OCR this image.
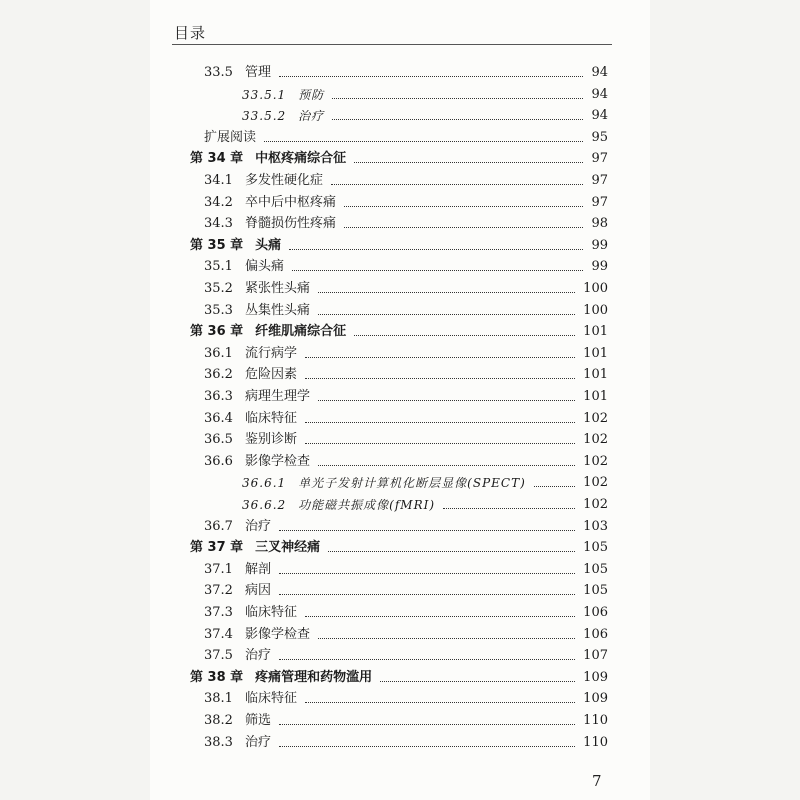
目录
33.5 管理	94
33.5.1 预防	94
33.5.2 治疗	94
扩展阅读	95
第 34 章 中枢疼痛综合征	97
34.1 多发性硬化症	97
34.2 卒中后中枢疼痛	97
34.3 脊髓损伤性疼痛	98
第 35 章 头痛	99
35.1 偏头痛	99
35.2 紧张性头痛	100
35.3 丛集性头痛	100
第 36 章 纤维肌痛综合征	101
36.1 流行病学	101
36.2 危险因素	101
36.3 病理生理学	101
36.4 临床特征	102
36.5 鉴别诊断	102
36.6 影像学检查	102
36.6.1 单光子发射计算机化断层显像(SPECT)	102
36.6.2 功能磁共振成像(fMRI)	102
36.7 治疗	103
第 37 章 三叉神经痛	105
37.1 解剖	105
37.2 病因	105
37.3 临床特征	106
37.4 影像学检查	106
37.5 治疗	107
第 38 章 疼痛管理和药物滥用	109
38.1 临床特征	109
38.2 筛选	110
38.3 治疗	110
7
